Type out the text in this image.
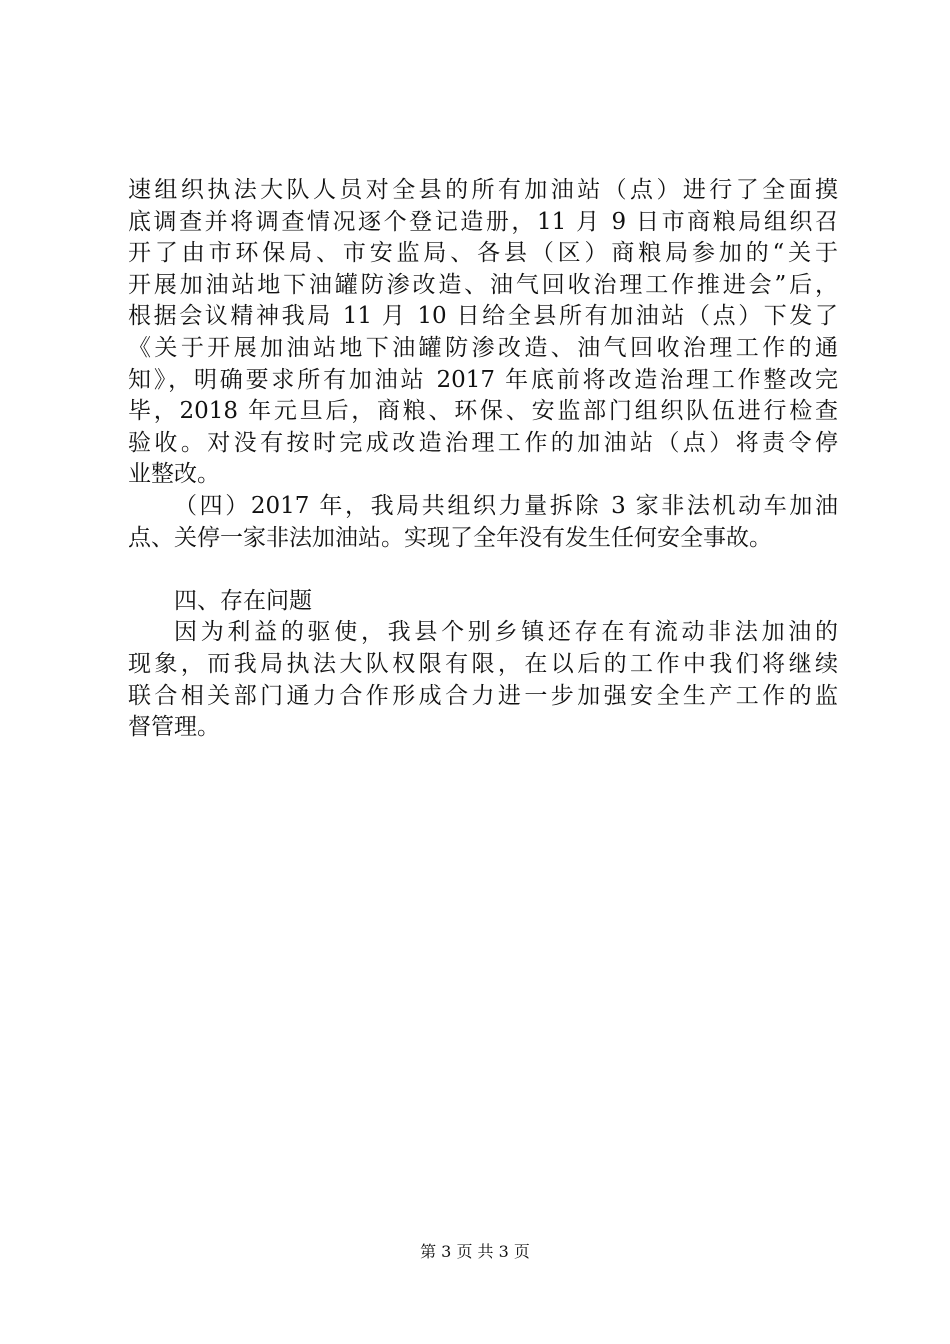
速组织执法大队人员对全县的所有加油站（点）进行了全面摸
底调查并将调查情况逐个登记造册，11 月 9 日市商粮局组织召
开了由市环保局、市安监局、各县（区）商粮局参加的“关于
开展加油站地下油罐防渗改造、油气回收治理工作推进会”后，
根据会议精神我局 11 月 10 日给全县所有加油站（点）下发了
《关于开展加油站地下油罐防渗改造、油气回收治理工作的通
知》，明确要求所有加油站 2017 年底前将改造治理工作整改完
毕，2018 年元旦后，商粮、环保、安监部门组织队伍进行检查
验收。对没有按时完成改造治理工作的加油站（点）将责令停
业整改。
（四）2017 年，我局共组织力量拆除 3 家非法机动车加油
点、关停一家非法加油站。实现了全年没有发生任何安全事故。
四、存在问题
因为利益的驱使，我县个别乡镇还存在有流动非法加油的
现象，而我局执法大队权限有限，在以后的工作中我们将继续
联合相关部门通力合作形成合力进一步加强安全生产工作的监
督管理。
第 3 页 共 3 页
